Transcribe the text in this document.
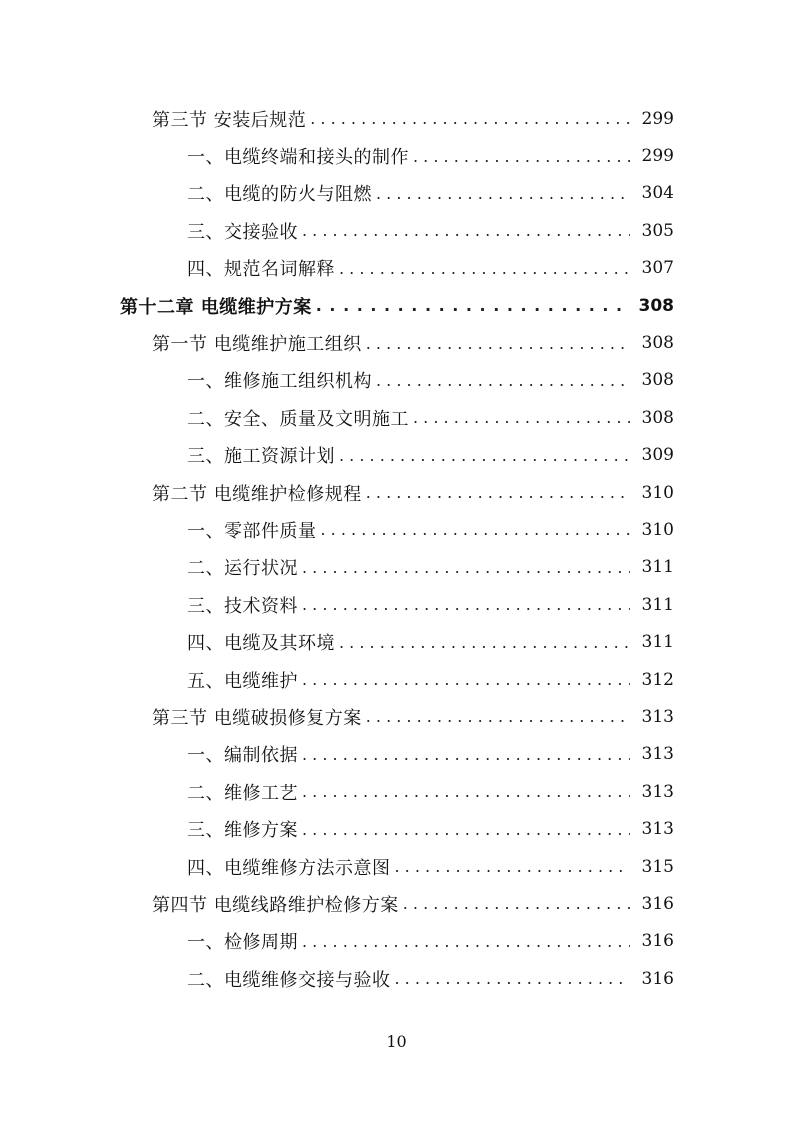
第三节 安装后规范 . . .	299
一、电缆终端和接头的制作 . . .	299
二、电缆的防火与阻燃 . . .	304
三、交接验收 . . .	305
四、规范名词解释 . . .	307
第十二章 电缆维护方案 . . .	308
第一节 电缆维护施工组织 . . .	308
一、维修施工组织机构 . . .	308
二、安全、质量及文明施工 . . .	308
三、施工资源计划 . . .	309
第二节 电缆维护检修规程 . . .	310
一、零部件质量 . . .	310
二、运行状况 . . .	311
三、技术资料 . . .	311
四、电缆及其环境 . . .	311
五、电缆维护 . . .	312
第三节 电缆破损修复方案 . . .	313
一、编制依据 . . .	313
二、维修工艺 . . .	313
三、维修方案 . . .	313
四、电缆维修方法示意图 . . .	315
第四节 电缆线路维护检修方案 . . .	316
一、检修周期 . . .	316
二、电缆维修交接与验收 . . .	316
10
